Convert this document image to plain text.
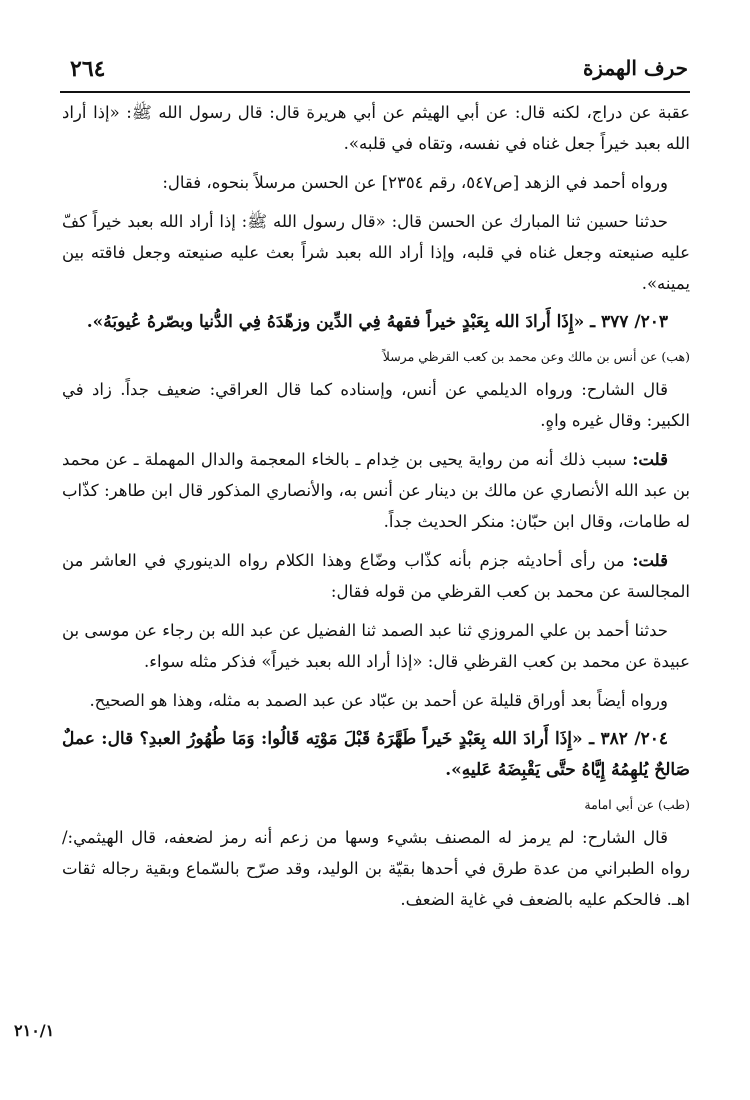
حرف الهمزة
٢٦٤

عقبة عن دراج، لكنه قال: عن أبي الهيثم عن أبي هريرة قال: قال رسول الله ﷺ: «إذا أراد الله بعبد خيراً جعل غناه في نفسه، وتقاه في قلبه».

ورواه أحمد في الزهد [ص٥٤٧، رقم ٢٣٥٤] عن الحسن مرسلاً بنحوه، فقال:

حدثنا حسين ثنا المبارك عن الحسن قال: «قال رسول الله ﷺ: إذا أراد الله بعبد خيراً كفّ عليه صنيعته وجعل غناه في قلبه، وإذا أراد الله بعبد شراً بعث عليه صنيعته وجعل فاقته بين يمينه».

٢٠٣/ ٣٧٧ ـ «إِذَا أَرادَ الله بِعَبْدٍ خيراً فقههُ فِي الدِّين وزهّدَهُ فِي الدُّنيا وبصّرهُ عُيوبَهُ».

(هب) عن أنس بن مالك وعن محمد بن كعب القرظي مرسلاً

قال الشارح: ورواه الديلمي عن أنس، وإسناده كما قال العراقي: ضعيف جداً. زاد في الكبير: وقال غيره واهٍ.

قلت: سبب ذلك أنه من رواية يحيى بن خِدام ـ بالخاء المعجمة والدال المهملة ـ عن محمد بن عبد الله الأنصاري عن مالك بن دينار عن أنس به، والأنصاري المذكور قال ابن طاهر: كذّاب له طامات، وقال ابن حبّان: منكر الحديث جداً.

قلت: من رأى أحاديثه جزم بأنه كذّاب وضّاع وهذا الكلام رواه الدينوري في العاشر من المجالسة عن محمد بن كعب القرظي من قوله فقال:

حدثنا أحمد بن علي المروزي ثنا عبد الصمد ثنا الفضيل عن عبد الله بن رجاء عن موسى بن عبيدة عن محمد بن كعب القرظي قال: «إذا أراد الله بعبد خيراً» فذكر مثله سواء.

ورواه أيضاً بعد أوراق قليلة عن أحمد بن عبّاد عن عبد الصمد به مثله، وهذا هو الصحيح.

٢٠٤/ ٣٨٢ ـ «إِذَا أَرادَ الله بِعَبْدٍ خَيراً طَهَّرَهُ قَبْلَ مَوْتِه قَالُوا: وَمَا طُهُورُ العبدِ؟ قال: عملٌ صَالحٌ يُلهِمُهُ إِيَّاهُ حتَّى يَقْبِضَهُ عَليهِ».

(طب) عن أبي امامة

قال الشارح: لم يرمز له المصنف بشيء وسها من زعم أنه رمز لضعفه، قال الهيثمي:/ رواه الطبراني من عدة طرق في أحدها بقيّة بن الوليد، وقد صرّح بالسّماع وبقية رجاله ثقات اهـ. فالحكم عليه بالضعف في غاية الضعف.

٢١٠/١
